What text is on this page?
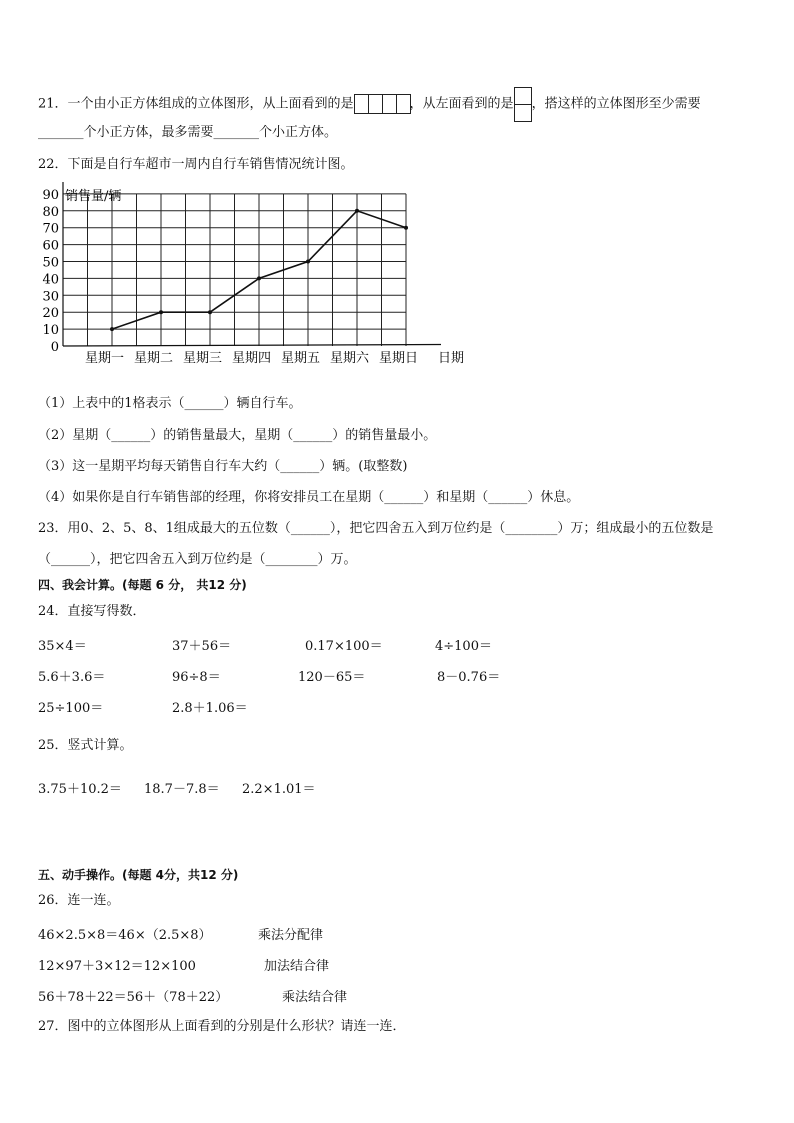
21．一个由小正方体组成的立体图形，从上面看到的是	，从左面看到的是 ，搭这样的立体图形至少需要
_______个小正方体，最多需要_______个小正方体。
22．下面是自行车超市一周内自行车销售情况统计图。
0
10
20
30
40
50
60
70
80
90 销售量/辆
星期一 星期二 星期三 星期四 星期五 星期六 星期日 日期
（1）上表中的1格表示（______）辆自行车。
（2）星期（______）的销售量最大，星期（______）的销售量最小。
（3）这一星期平均每天销售自行车大约（______）辆。(取整数)
（4）如果你是自行车销售部的经理，你将安排员工在星期（______）和星期（______）休息。
23．用0、2、5、8、1组成最大的五位数（______），把它四舍五入到万位约是（________）万；组成最小的五位数是
（______），把它四舍五入到万位约是（________）万。
四、我会计算。(每题 6 分， 共12 分)
24．直接写得数．
35×4＝	37＋56＝	0.17×100＝	4÷100＝
5.6＋3.6＝	96÷8＝	120－65＝	8－0.76＝
25÷100＝	2.8＋1.06＝
25．竖式计算。
3.75＋10.2＝ 18.7－7.8＝ 2.2×1.01＝
五、动手操作。(每题 4分，共12 分)
26．连一连。
46×2.5×8＝46×（2.5×8）	乘法分配律
12×97＋3×12＝12×100	加法结合律
56＋78＋22＝56＋（78＋22）	乘法结合律
27．图中的立体图形从上面看到的分别是什么形状？请连一连．
